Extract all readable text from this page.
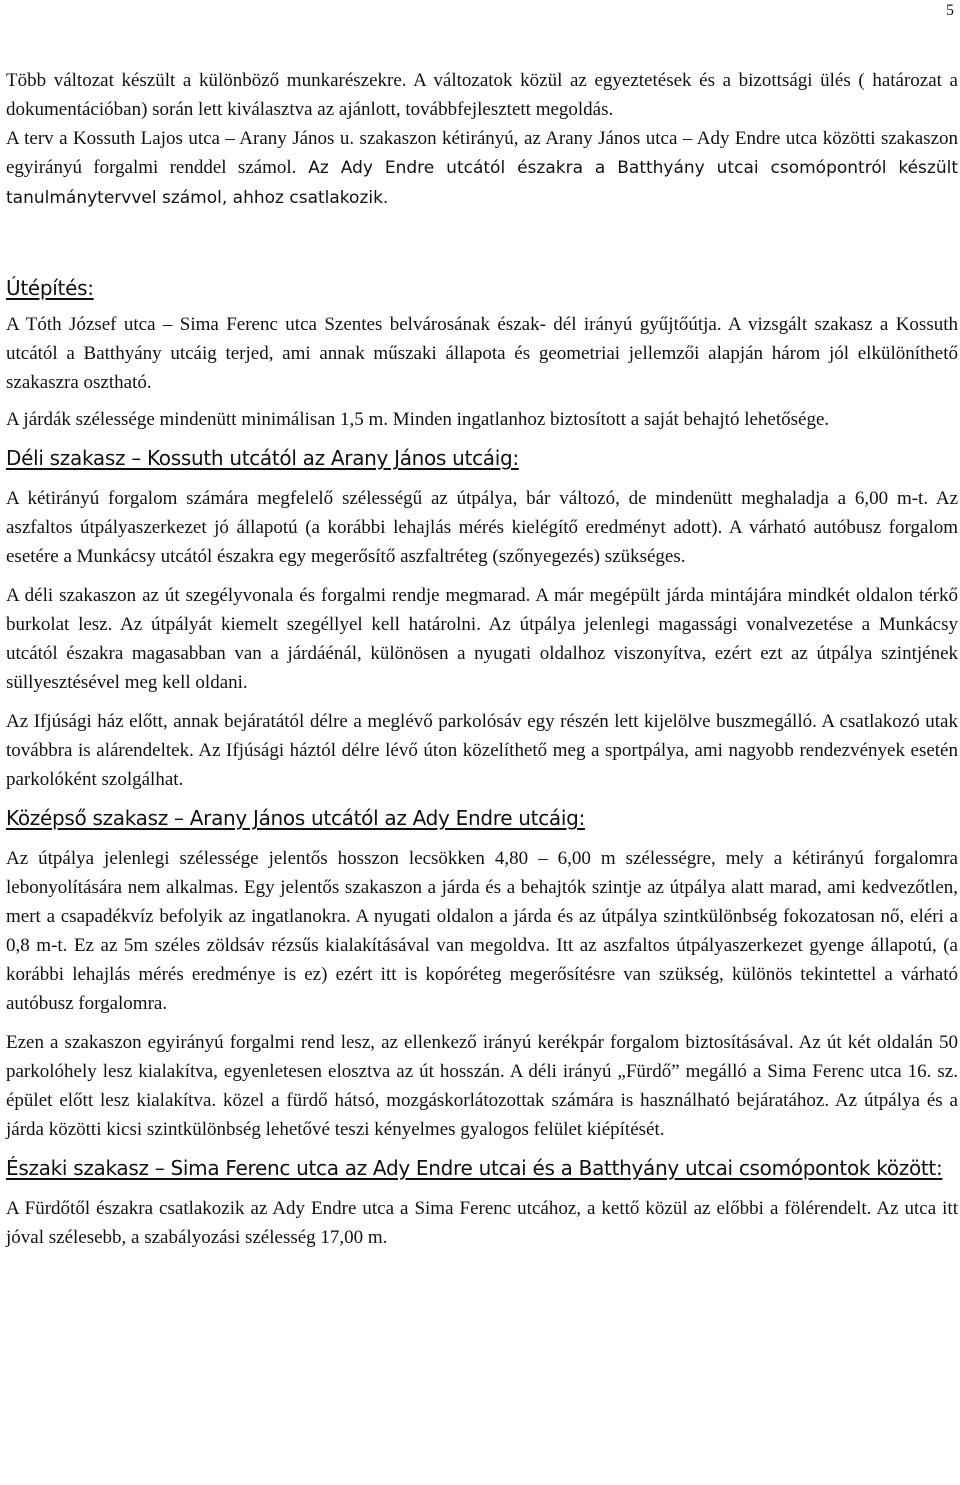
5

Több változat készült a különböző munkarészekre. A változatok közül az egyeztetések és a bizottsági ülés ( határozat a dokumentációban) során lett kiválasztva az ajánlott, továbbfejlesztett megoldás.

A terv a Kossuth Lajos utca – Arany János u. szakaszon kétirányú, az Arany János utca – Ady Endre utca közötti szakaszon egyirányú forgalmi renddel számol. Az Ady Endre utcától északra a Batthyány utcai csomópontról készült tanulmánytervvel számol, ahhoz csatlakozik.

Útépítés:

A Tóth József utca – Sima Ferenc utca Szentes belvárosának észak- dél irányú gyűjtőútja. A vizsgált szakasz a Kossuth utcától a Batthyány utcáig terjed, ami annak műszaki állapota és geometriai jellemzői alapján három jól elkülöníthető szakaszra osztható.

A járdák szélessége mindenütt minimálisan 1,5 m. Minden ingatlanhoz biztosított a saját behajtó lehetősége.

Déli szakasz – Kossuth utcától az Arany János utcáig:

A kétirányú forgalom számára megfelelő szélességű az útpálya, bár változó, de mindenütt meghaladja a 6,00 m-t. Az aszfaltos útpályaszerkezet jó állapotú (a korábbi lehajlás mérés kielégítő eredményt adott). A várható autóbusz forgalom esetére a Munkácsy utcától északra egy megerősítő aszfaltréteg (szőnyegezés) szükséges.

A déli szakaszon az út szegélyvonala és forgalmi rendje megmarad. A már megépült járda mintájára mindkét oldalon térkő burkolat lesz. Az útpályát kiemelt szegéllyel kell határolni. Az útpálya jelenlegi magassági vonalvezetése a Munkácsy utcától északra magasabban van a járdáénál, különösen a nyugati oldalhoz viszonyítva, ezért ezt az útpálya szintjének süllyesztésével meg kell oldani.

Az Ifjúsági ház előtt, annak bejáratától délre a meglévő parkolósáv egy részén lett kijelölve buszmegálló. A csatlakozó utak továbbra is alárendeltek. Az Ifjúsági háztól délre lévő úton közelíthető meg a sportpálya, ami nagyobb rendezvények esetén parkolóként szolgálhat.

Középső szakasz – Arany János utcától az Ady Endre utcáig:

Az útpálya jelenlegi szélessége jelentős hosszon lecsökken 4,80 – 6,00 m szélességre, mely a kétirányú forgalomra lebonyolítására nem alkalmas. Egy jelentős szakaszon a járda és a behajtók szintje az útpálya alatt marad, ami kedvezőtlen, mert a csapadékvíz befolyik az ingatlanokra. A nyugati oldalon a járda és az útpálya szintkülönbség fokozatosan nő, eléri a 0,8 m-t. Ez az 5m széles zöldsáv rézsűs kialakításával van megoldva. Itt az aszfaltos útpályaszerkezet gyenge állapotú, (a korábbi lehajlás mérés eredménye is ez) ezért itt is kopóréteg megerősítésre van szükség, különös tekintettel a várható autóbusz forgalomra.

Ezen a szakaszon egyirányú forgalmi rend lesz, az ellenkező irányú kerékpár forgalom biztosításával. Az út két oldalán 50 parkolóhely lesz kialakítva, egyenletesen elosztva az út hosszán. A déli irányú „Fürdő” megálló a Sima Ferenc utca 16. sz. épület előtt lesz kialakítva. közel a fürdő hátsó, mozgáskorlátozottak számára is használható bejáratához. Az útpálya és a járda közötti kicsi szintkülönbség lehetővé teszi kényelmes gyalogos felület kiépítését.

Északi szakasz – Sima Ferenc utca az Ady Endre utcai és a Batthyány utcai csomópontok között:

A Fürdőtől északra csatlakozik az Ady Endre utca a Sima Ferenc utcához, a kettő közül az előbbi a fölérendelt. Az utca itt jóval szélesebb, a szabályozási szélesség 17,00 m.
